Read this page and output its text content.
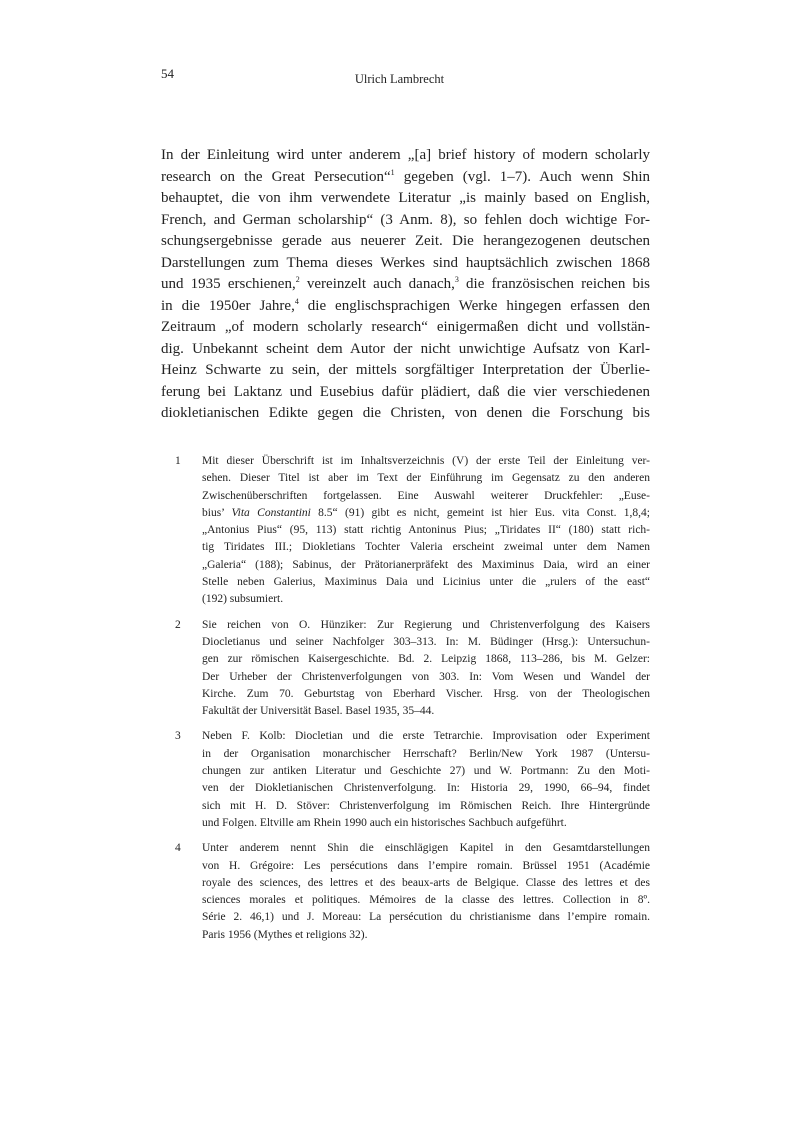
54	Ulrich Lambrecht
In der Einleitung wird unter anderem „[a] brief history of modern scholarly
research on the Great Persecution“$^1$ gegeben (vgl. 1–7). Auch wenn Shin
behauptet, die von ihm verwendete Literatur „is mainly based on English,
French, and German scholarship“ (3 Anm. 8), so fehlen doch wichtige For-
schungsergebnisse gerade aus neuerer Zeit. Die herangezogenen deutschen
Darstellungen zum Thema dieses Werkes sind hauptsächlich zwischen 1868
und 1935 erschienen,$^2$ vereinzelt auch danach,$^3$ die französischen reichen bis
in die 1950er Jahre,$^4$ die englischsprachigen Werke hingegen erfassen den
Zeitraum „of modern scholarly research“ einigermaßen dicht und vollstän-
dig. Unbekannt scheint dem Autor der nicht unwichtige Aufsatz von Karl-
Heinz Schwarte zu sein, der mittels sorgfältiger Interpretation der Überlie-
ferung bei Laktanz und Eusebius dafür plädiert, daß die vier verschiedenen
diokletianischen Edikte gegen die Christen, von denen die Forschung bis
1 Mit dieser Überschrift ist im Inhaltsverzeichnis (V) der erste Teil der Einleitung ver-
sehen. Dieser Titel ist aber im Text der Einführung im Gegensatz zu den anderen
Zwischenüberschriften fortgelassen. Eine Auswahl weiterer Druckfehler: „Euse-
bius’ Vita Constantini 8.5“ (91) gibt es nicht, gemeint ist hier Eus. vita Const. 1,8,4;
„Antonius Pius“ (95, 113) statt richtig Antoninus Pius; „Tiridates II“ (180) statt rich-
tig Tiridates III.; Diokletians Tochter Valeria erscheint zweimal unter dem Namen
„Galeria“ (188); Sabinus, der Prätorianerpräfekt des Maximinus Daia, wird an einer
Stelle neben Galerius, Maximinus Daia und Licinius unter die „rulers of the east“
(192) subsumiert.
2 Sie reichen von O. Hünziker: Zur Regierung und Christenverfolgung des Kaisers
Diocletianus und seiner Nachfolger 303–313. In: M. Büdinger (Hrsg.): Untersuchun-
gen zur römischen Kaisergeschichte. Bd. 2. Leipzig 1868, 113–286, bis M. Gelzer:
Der Urheber der Christenverfolgungen von 303. In: Vom Wesen und Wandel der
Kirche. Zum 70. Geburtstag von Eberhard Vischer. Hrsg. von der Theologischen
Fakultät der Universität Basel. Basel 1935, 35–44.
3 Neben F. Kolb: Diocletian und die erste Tetrarchie. Improvisation oder Experiment
in der Organisation monarchischer Herrschaft? Berlin/New York 1987 (Untersu-
chungen zur antiken Literatur und Geschichte 27) und W. Portmann: Zu den Moti-
ven der Diokletianischen Christenverfolgung. In: Historia 29, 1990, 66–94, findet
sich mit H. D. Stöver: Christenverfolgung im Römischen Reich. Ihre Hintergründe
und Folgen. Eltville am Rhein 1990 auch ein historisches Sachbuch aufgeführt.
4 Unter anderem nennt Shin die einschlägigen Kapitel in den Gesamtdarstellungen
von H. Grégoire: Les persécutions dans l’empire romain. Brüssel 1951 (Académie
royale des sciences, des lettres et des beaux-arts de Belgique. Classe des lettres et des
sciences morales et politiques. Mémoires de la classe des lettres. Collection in 8º.
Série 2. 46,1) und J. Moreau: La persécution du christianisme dans l’empire romain.
Paris 1956 (Mythes et religions 32).
